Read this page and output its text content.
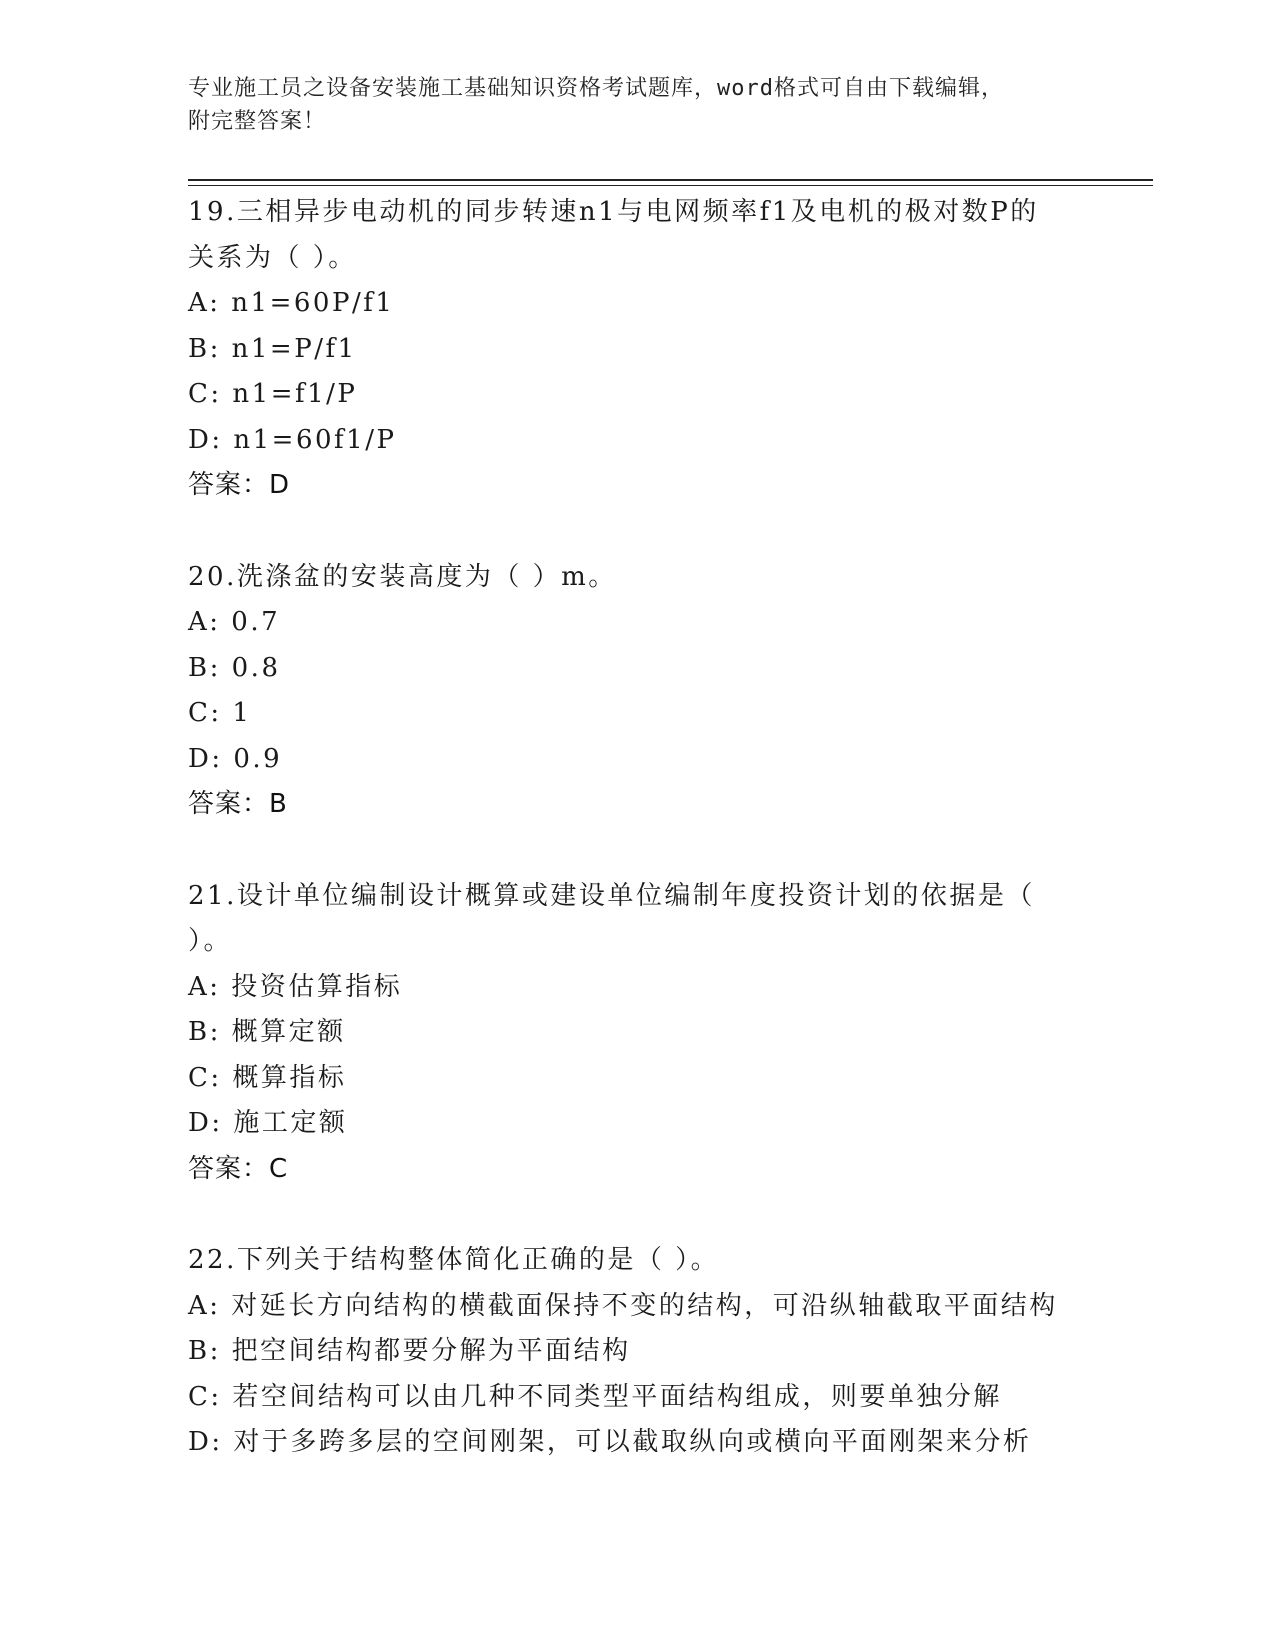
专业施工员之设备安装施工基础知识资格考试题库，word格式可自由下载编辑，
附完整答案！
19.三相异步电动机的同步转速n1与电网频率f1及电机的极对数P的
关系为（ ）。
A: n1=60P/f1
B: n1=P/f1
C: n1=f1/P
D: n1=60f1/P
答案：D
20.洗涤盆的安装高度为（ ）m。
A: 0.7
B: 0.8
C: 1
D: 0.9
答案：B
21.设计单位编制设计概算或建设单位编制年度投资计划的依据是（
）。
A: 投资估算指标
B: 概算定额
C: 概算指标
D: 施工定额
答案：C
22.下列关于结构整体简化正确的是（ ）。
A: 对延长方向结构的横截面保持不变的结构，可沿纵轴截取平面结构
B: 把空间结构都要分解为平面结构
C: 若空间结构可以由几种不同类型平面结构组成，则要单独分解
D: 对于多跨多层的空间刚架，可以截取纵向或横向平面刚架来分析
